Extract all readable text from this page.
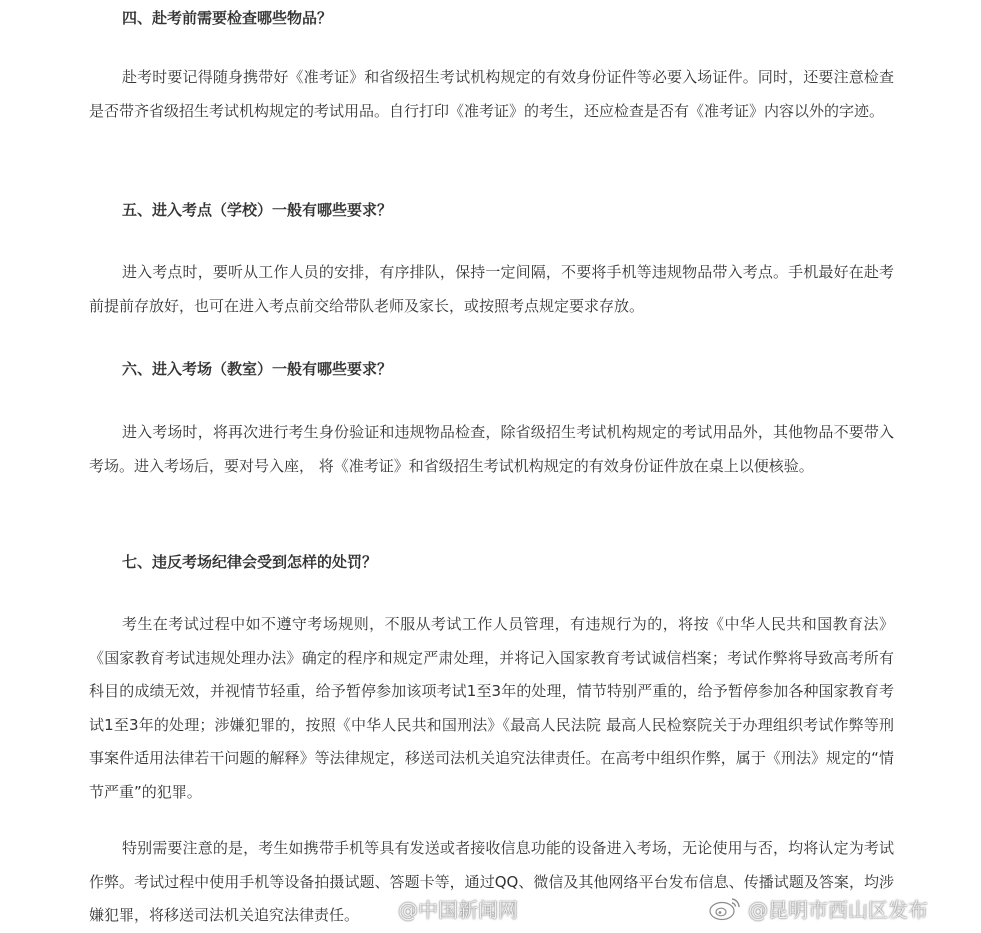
四、赴考前需要检查哪些物品？

赴考时要记得随身携带好《准考证》和省级招生考试机构规定的有效身份证件等必要入场证件。同时，还要注意检查是否带齐省级招生考试机构规定的考试用品。自行打印《准考证》的考生，还应检查是否有《准考证》内容以外的字迹。

五、进入考点（学校）一般有哪些要求？

进入考点时，要听从工作人员的安排，有序排队，保持一定间隔，不要将手机等违规物品带入考点。手机最好在赴考前提前存放好，也可在进入考点前交给带队老师及家长，或按照考点规定要求存放。

六、进入考场（教室）一般有哪些要求？

进入考场时，将再次进行考生身份验证和违规物品检查，除省级招生考试机构规定的考试用品外，其他物品不要带入考场。进入考场后，要对号入座， 将《准考证》和省级招生考试机构规定的有效身份证件放在桌上以便核验。

七、违反考场纪律会受到怎样的处罚？

考生在考试过程中如不遵守考场规则，不服从考试工作人员管理，有违规行为的，将按《中华人民共和国教育法》《国家教育考试违规处理办法》确定的程序和规定严肃处理，并将记入国家教育考试诚信档案；考试作弊将导致高考所有科目的成绩无效，并视情节轻重，给予暂停参加该项考试1至3年的处理，情节特别严重的，给予暂停参加各种国家教育考试1至3年的处理；涉嫌犯罪的，按照《中华人民共和国刑法》《最高人民法院 最高人民检察院关于办理组织考试作弊等刑事案件适用法律若干问题的解释》等法律规定，移送司法机关追究法律责任。在高考中组织作弊，属于《刑法》规定的“情节严重”的犯罪。

特别需要注意的是，考生如携带手机等具有发送或者接收信息功能的设备进入考场，无论使用与否，均将认定为考试作弊。考试过程中使用手机等设备拍摄试题、答题卡等，通过QQ、微信及其他网络平台发布信息、传播试题及答案，均涉嫌犯罪，将移送司法机关追究法律责任。	@中国新闻网	@昆明市西山区发布
